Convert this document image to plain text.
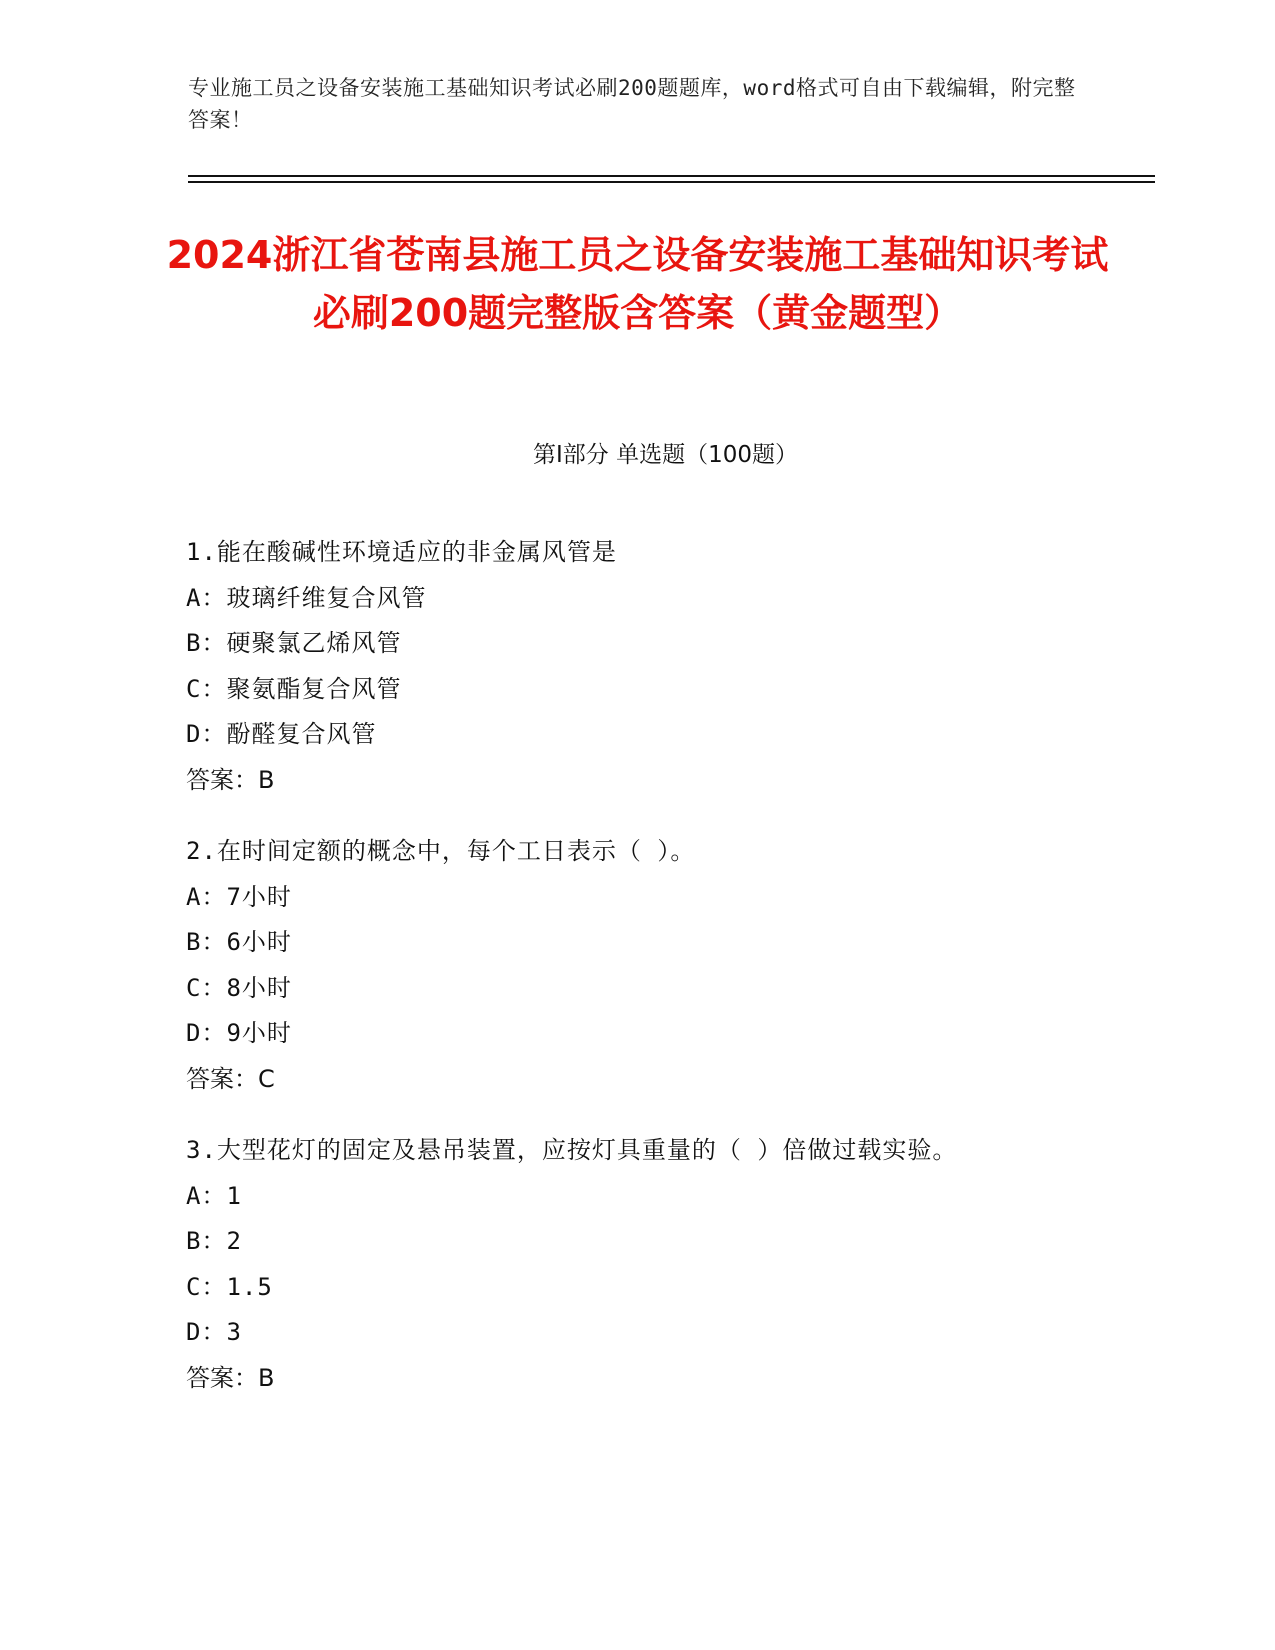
专业施工员之设备安装施工基础知识考试必刷200题题库，word格式可自由下载编辑，附完整答案！
2024浙江省苍南县施工员之设备安装施工基础知识考试必刷200题完整版含答案（黄金题型）
第Ⅰ部分 单选题（100题）
1.能在酸碱性环境适应的非金属风管是
A：玻璃纤维复合风管
B：硬聚氯乙烯风管
C：聚氨酯复合风管
D：酚醛复合风管
答案：B
2.在时间定额的概念中，每个工日表示（ ）。
A：7小时
B：6小时
C：8小时
D：9小时
答案：C
3.大型花灯的固定及悬吊装置，应按灯具重量的（ ）倍做过载实验。
A：1
B：2
C：1.5
D：3
答案：B
